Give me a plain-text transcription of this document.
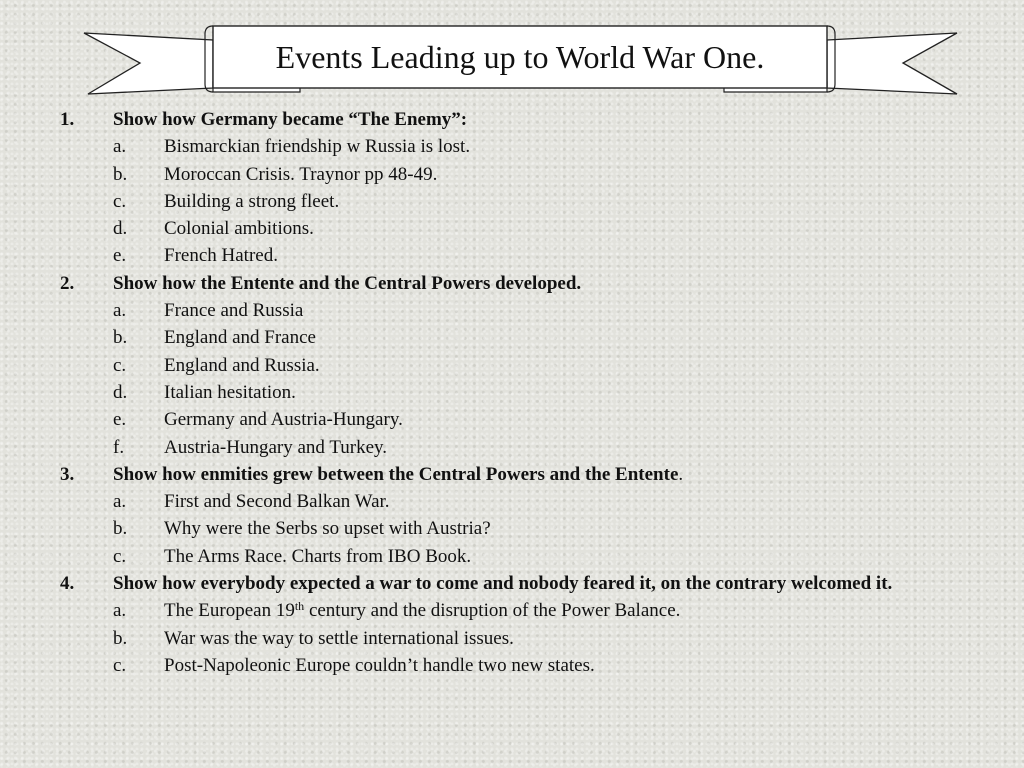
Events Leading up to World War One.
1. Show how Germany became “The Enemy”:
a. Bismarckian friendship w Russia is lost.
b. Moroccan Crisis. Traynor pp 48-49.
c. Building a strong fleet.
d. Colonial ambitions.
e. French Hatred.
2. Show how the Entente and the Central Powers developed.
a. France and Russia
b. England and France
c. England and Russia.
d. Italian hesitation.
e. Germany and Austria-Hungary.
f. Austria-Hungary and Turkey.
3. Show how enmities grew between the Central Powers and the Entente.
a. First and Second Balkan War.
b. Why were the Serbs so upset with Austria?
c. The Arms Race. Charts from IBO Book.
4. Show how everybody expected a war to come and nobody feared it, on the contrary welcomed it.
a. The European 19th century and the disruption of the Power Balance.
b. War was the way to settle international issues.
c. Post-Napoleonic Europe couldn’t handle two new states.
